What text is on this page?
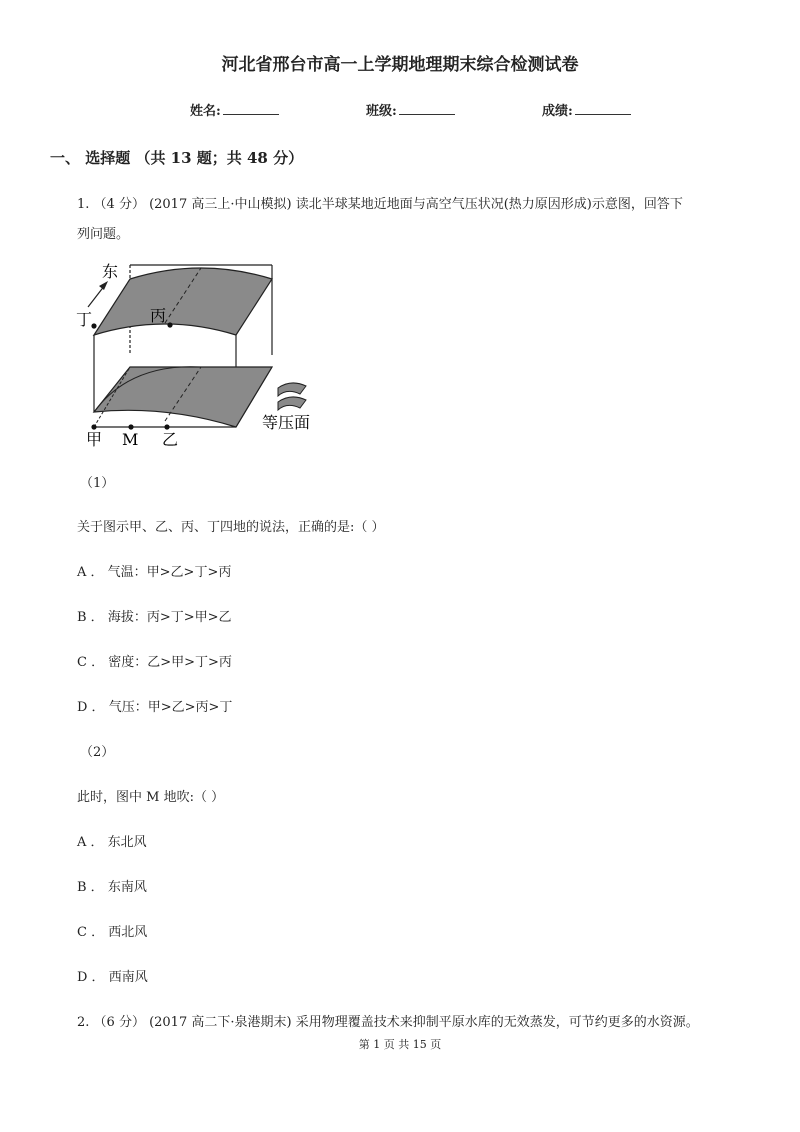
河北省邢台市高一上学期地理期末综合检测试卷
姓名:	班级:	成绩:
一、 选择题 （共 13 题；共 48 分）
1. （4 分） (2017 高三上·中山模拟) 读北半球某地近地面与高空气压状况(热力原因形成)示意图，回答下
列问题。
东
丁	丙
甲 M 乙
等压面
（1）
关于图示甲、乙、丙、丁四地的说法，正确的是:（ ）
A ． 气温：甲>乙>丁>丙
B ． 海拔：丙>丁>甲>乙
C ． 密度：乙>甲>丁>丙
D ． 气压：甲>乙>丙>丁
（2）
此时，图中 M 地吹:（ ）
A ． 东北风
B ． 东南风
C ． 西北风
D ． 西南风
2. （6 分） (2017 高二下·泉港期末) 采用物理覆盖技术来抑制平原水库的无效蒸发，可节约更多的水资源。
第 1 页 共 15 页
